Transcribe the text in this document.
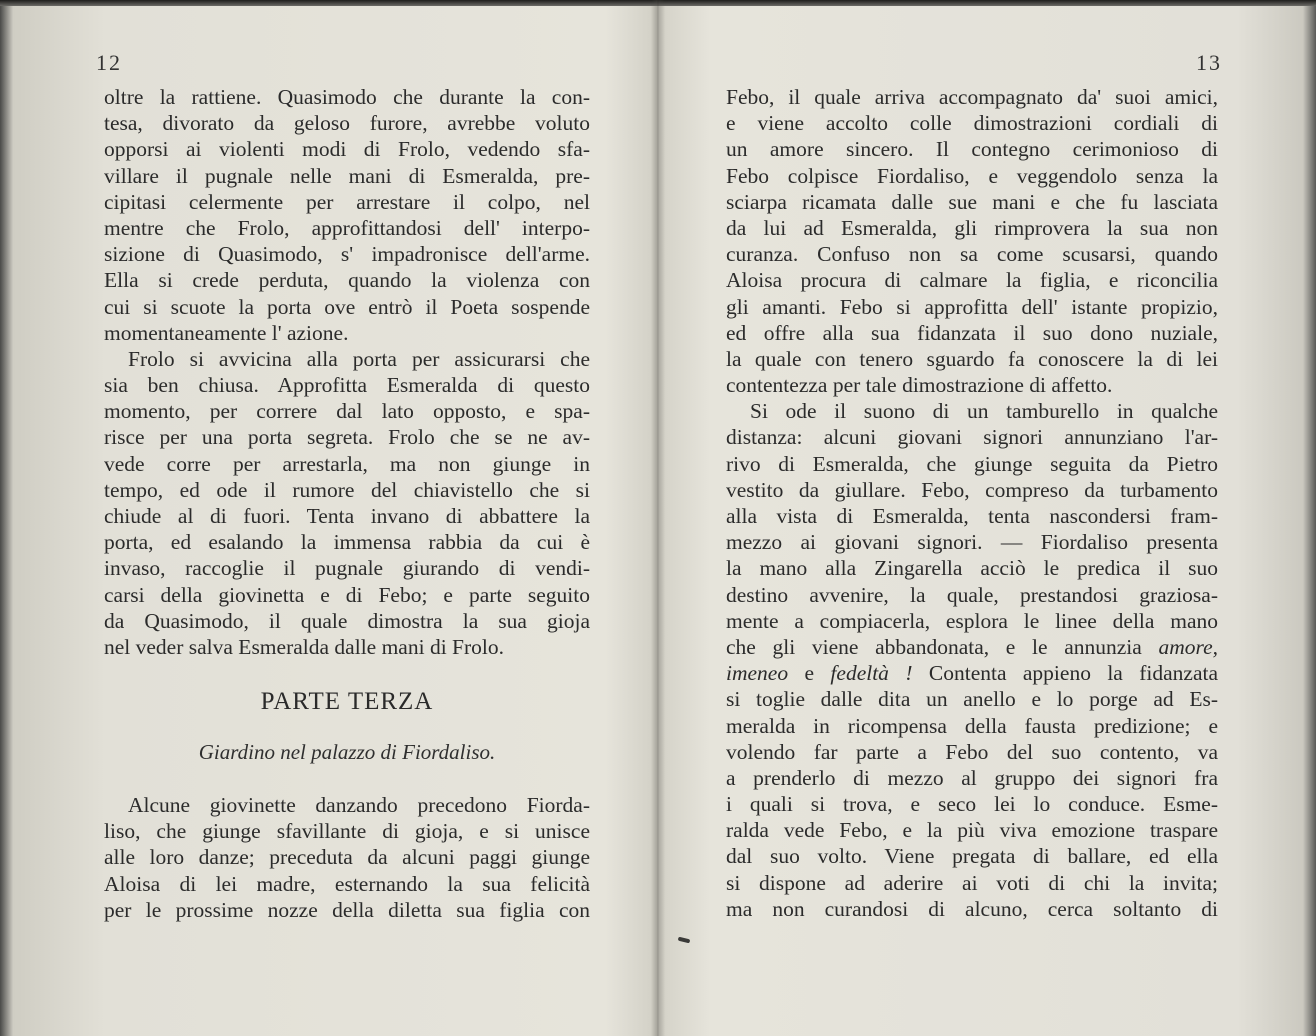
12
oltre la rattiene. Quasimodo che durante la con-
tesa, divorato da geloso furore, avrebbe voluto
opporsi ai violenti modi di Frolo, vedendo sfa-
villare il pugnale nelle mani di Esmeralda, pre-
cipitasi celermente per arrestare il colpo, nel
mentre che Frolo, approfittandosi dell' interpo-
sizione di Quasimodo, s' impadronisce dell'arme.
Ella si crede perduta, quando la violenza con
cui si scuote la porta ove entrò il Poeta sospende
momentaneamente l' azione.
Frolo si avvicina alla porta per assicurarsi che
sia ben chiusa. Approfitta Esmeralda di questo
momento, per correre dal lato opposto, e spa-
risce per una porta segreta. Frolo che se ne av-
vede corre per arrestarla, ma non giunge in
tempo, ed ode il rumore del chiavistello che si
chiude al di fuori. Tenta invano di abbattere la
porta, ed esalando la immensa rabbia da cui è
invaso, raccoglie il pugnale giurando di vendi-
carsi della giovinetta e di Febo; e parte seguito
da Quasimodo, il quale dimostra la sua gioja
nel veder salva Esmeralda dalle mani di Frolo.
PARTE TERZA
Giardino nel palazzo di Fiordaliso.
Alcune giovinette danzando precedono Fiorda-
liso, che giunge sfavillante di gioja, e si unisce
alle loro danze; preceduta da alcuni paggi giunge
Aloisa di lei madre, esternando la sua felicità
per le prossime nozze della diletta sua figlia con
13
Febo, il quale arriva accompagnato da' suoi amici,
e viene accolto colle dimostrazioni cordiali di
un amore sincero. Il contegno cerimonioso di
Febo colpisce Fiordaliso, e veggendolo senza la
sciarpa ricamata dalle sue mani e che fu lasciata
da lui ad Esmeralda, gli rimprovera la sua non
curanza. Confuso non sa come scusarsi, quando
Aloisa procura di calmare la figlia, e riconcilia
gli amanti. Febo si approfitta dell' istante propizio,
ed offre alla sua fidanzata il suo dono nuziale,
la quale con tenero sguardo fa conoscere la di lei
contentezza per tale dimostrazione di affetto.
Si ode il suono di un tamburello in qualche
distanza: alcuni giovani signori annunziano l'ar-
rivo di Esmeralda, che giunge seguita da Pietro
vestito da giullare. Febo, compreso da turbamento
alla vista di Esmeralda, tenta nascondersi fram-
mezzo ai giovani signori. — Fiordaliso presenta
la mano alla Zingarella acciò le predica il suo
destino avvenire, la quale, prestandosi graziosa-
mente a compiacerla, esplora le linee della mano
che gli viene abbandonata, e le annunzia amore,
imeneo e fedeltà ! Contenta appieno la fidanzata
si toglie dalle dita un anello e lo porge ad Es-
meralda in ricompensa della fausta predizione; e
volendo far parte a Febo del suo contento, va
a prenderlo di mezzo al gruppo dei signori fra
i quali si trova, e seco lei lo conduce. Esme-
ralda vede Febo, e la più viva emozione traspare
dal suo volto. Viene pregata di ballare, ed ella
si dispone ad aderire ai voti di chi la invita;
ma non curandosi di alcuno, cerca soltanto di
